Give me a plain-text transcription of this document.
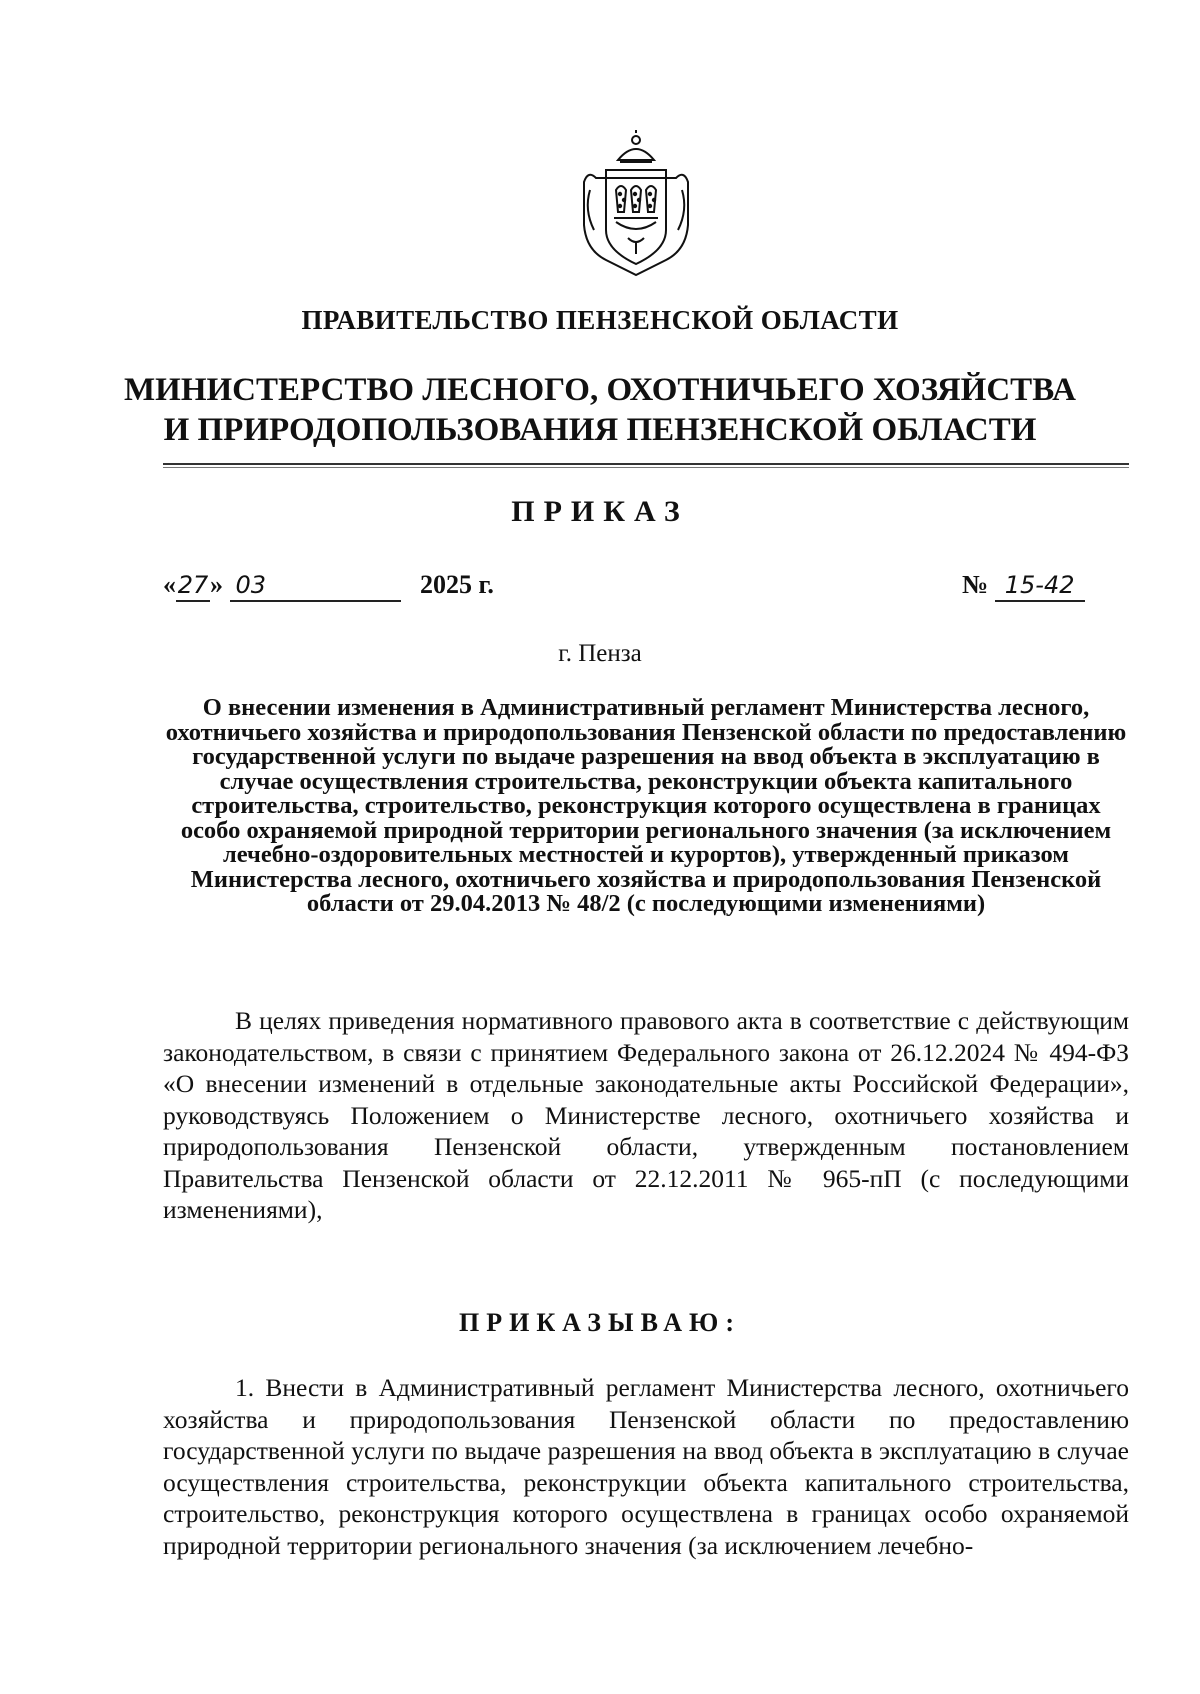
ПРАВИТЕЛЬСТВО ПЕНЗЕНСКОЙ ОБЛАСТИ
МИНИСТЕРСТВО ЛЕСНОГО, ОХОТНИЧЬЕГО ХОЗЯЙСТВА
И ПРИРОДОПОЛЬЗОВАНИЯ ПЕНЗЕНСКОЙ ОБЛАСТИ
ПРИКАЗ
«27» 03	2025 г.	№ 15-42
г. Пенза
О внесении изменения в Административный регламент Министерства лесного, охотничьего хозяйства и природопользования Пензенской области по предоставлению государственной услуги по выдаче разрешения на ввод объекта в эксплуатацию в случае осуществления строительства, реконструкции объекта капитального строительства, строительство, реконструкция которого осуществлена в границах особо охраняемой природной территории регионального значения (за исключением лечебно-оздоровительных местностей и курортов), утвержденный приказом Министерства лесного, охотничьего хозяйства и природопользования Пензенской области от 29.04.2013 № 48/2 (с последующими изменениями)
В целях приведения нормативного правового акта в соответствие с действующим законодательством, в связи с принятием Федерального закона от 26.12.2024 № 494-ФЗ «О внесении изменений в отдельные законодательные акты Российской Федерации», руководствуясь Положением о Министерстве лесного, охотничьего хозяйства и природопользования Пензенской области, утвержденным постановлением Правительства Пензенской области от 22.12.2011 № 965-пП (с последующими изменениями),
ПРИКАЗЫВАЮ:
1. Внести в Административный регламент Министерства лесного, охотничьего хозяйства и природопользования Пензенской области по предоставлению государственной услуги по выдаче разрешения на ввод объекта в эксплуатацию в случае осуществления строительства, реконструкции объекта капитального строительства, строительство, реконструкция которого осуществлена в границах особо охраняемой природной территории регионального значения (за исключением лечебно-
